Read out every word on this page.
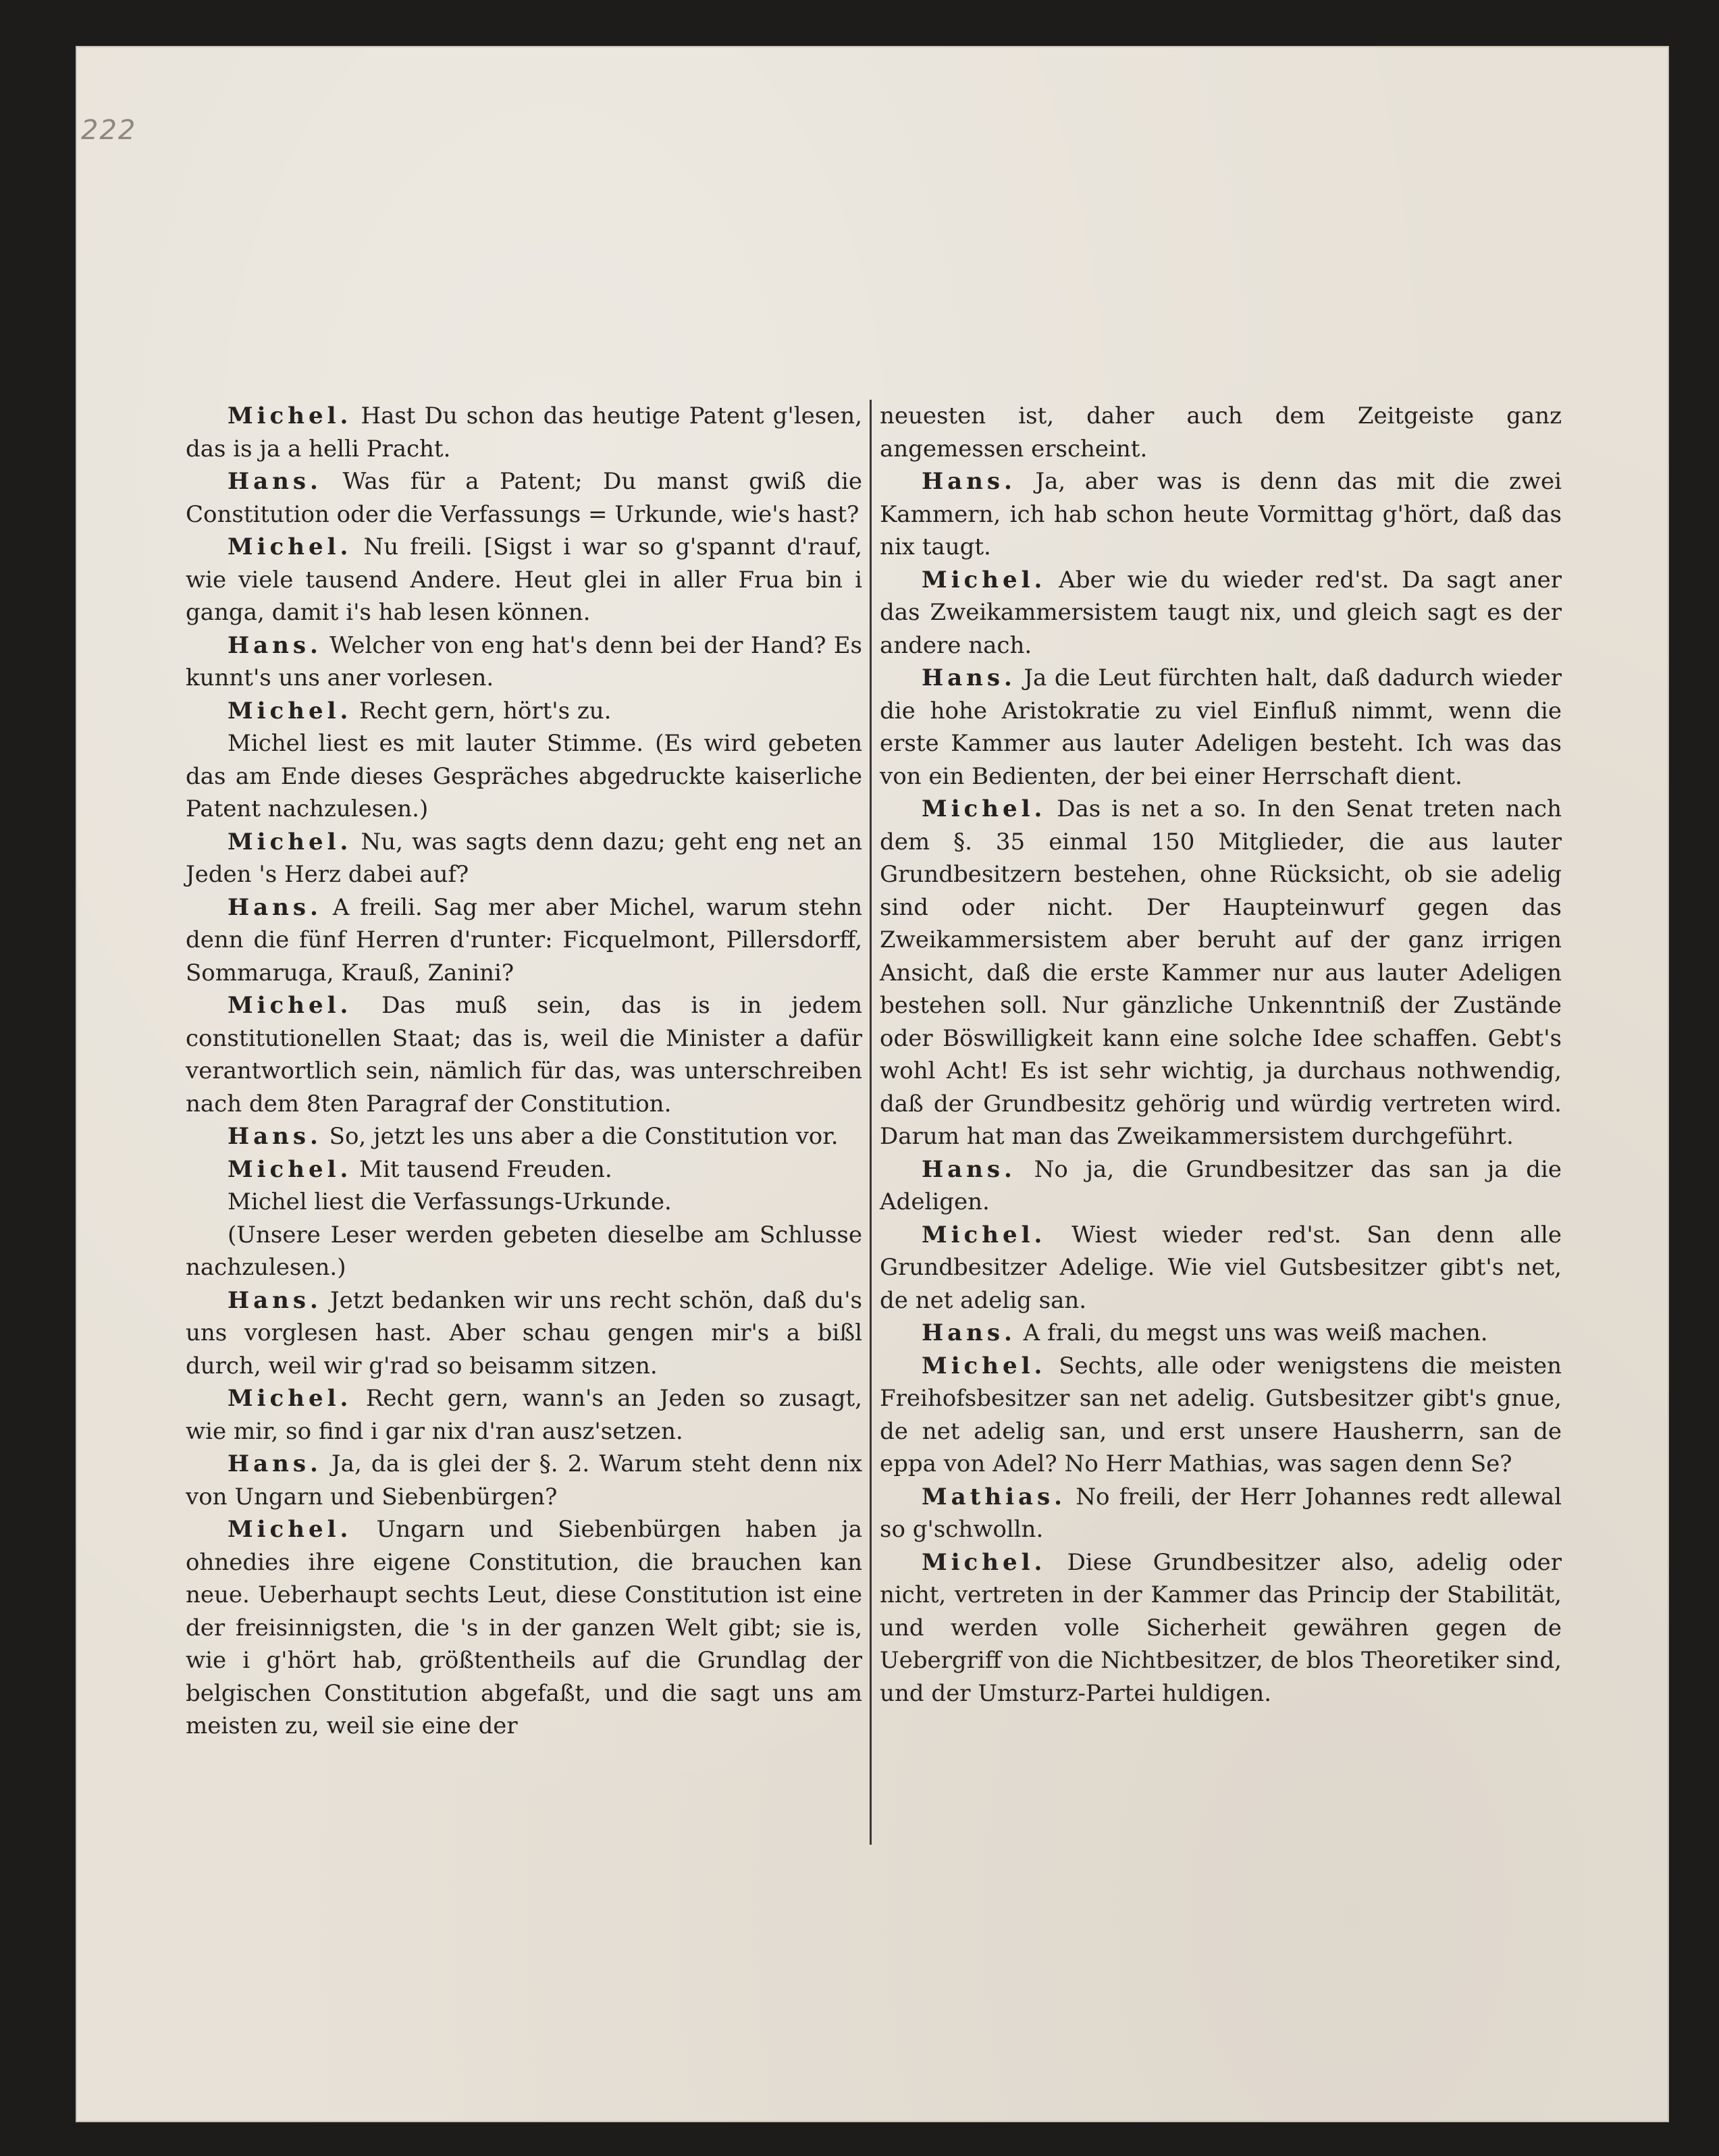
222

Michel. Hast Du schon das heutige Patent g'lesen, das is ja a helli Pracht.

Hans. Was für a Patent; Du manst gwiß die Constitution oder die Verfassungs = Urkunde, wie's hast?

Michel. Nu freili. [Sigst i war so g'spannt d'rauf, wie viele tausend Andere. Heut glei in aller Frua bin i ganga, damit i's hab lesen können.

Hans. Welcher von eng hat's denn bei der Hand? Es kunnt's uns aner vorlesen.

Michel. Recht gern, hört's zu.

Michel liest es mit lauter Stimme. (Es wird gebeten das am Ende dieses Gespräches abgedruckte kaiserliche Patent nachzulesen.)

Michel. Nu, was sagts denn dazu; geht eng net an Jeden 's Herz dabei auf?

Hans. A freili. Sag mer aber Michel, warum stehn denn die fünf Herren d'runter: Ficquelmont, Pillersdorff, Sommaruga, Krauß, Zanini?

Michel. Das muß sein, das is in jedem constitutionellen Staat; das is, weil die Minister a dafür verantwortlich sein, nämlich für das, was unterschreiben nach dem 8ten Paragraf der Constitution.

Hans. So, jetzt les uns aber a die Constitution vor.

Michel. Mit tausend Freuden.

Michel liest die Verfassungs-Urkunde.

(Unsere Leser werden gebeten dieselbe am Schlusse nachzulesen.)

Hans. Jetzt bedanken wir uns recht schön, daß du's uns vorglesen hast. Aber schau gengen mir's a bißl durch, weil wir g'rad so beisamm sitzen.

Michel. Recht gern, wann's an Jeden so zusagt, wie mir, so find i gar nix d'ran ausz'setzen.

Hans. Ja, da is glei der §. 2. Warum steht denn nix von Ungarn und Siebenbürgen?

Michel. Ungarn und Siebenbürgen haben ja ohnedies ihre eigene Constitution, die brauchen kan neue. Ueberhaupt sechts Leut, diese Constitution ist eine der freisinnigsten, die 's in der ganzen Welt gibt; sie is, wie i g'hört hab, größtentheils auf die Grundlag der belgischen Constitution abgefaßt, und die sagt uns am meisten zu, weil sie eine der

neuesten ist, daher auch dem Zeitgeiste ganz angemessen erscheint.

Hans. Ja, aber was is denn das mit die zwei Kammern, ich hab schon heute Vormittag g'hört, daß das nix taugt.

Michel. Aber wie du wieder red'st. Da sagt aner das Zweikammersistem taugt nix, und gleich sagt es der andere nach.

Hans. Ja die Leut fürchten halt, daß dadurch wieder die hohe Aristokratie zu viel Einfluß nimmt, wenn die erste Kammer aus lauter Adeligen besteht. Ich was das von ein Bedienten, der bei einer Herrschaft dient.

Michel. Das is net a so. In den Senat treten nach dem §. 35 einmal 150 Mitglieder, die aus lauter Grundbesitzern bestehen, ohne Rücksicht, ob sie adelig sind oder nicht. Der Haupteinwurf gegen das Zweikammersistem aber beruht auf der ganz irrigen Ansicht, daß die erste Kammer nur aus lauter Adeligen bestehen soll. Nur gänzliche Unkenntniß der Zustände oder Böswilligkeit kann eine solche Idee schaffen. Gebt's wohl Acht! Es ist sehr wichtig, ja durchaus nothwendig, daß der Grundbesitz gehörig und würdig vertreten wird. Darum hat man das Zweikammersistem durchgeführt.

Hans. No ja, die Grundbesitzer das san ja die Adeligen.

Michel. Wiest wieder red'st. San denn alle Grundbesitzer Adelige. Wie viel Gutsbesitzer gibt's net, de net adelig san.

Hans. A frali, du megst uns was weiß machen.

Michel. Sechts, alle oder wenigstens die meisten Freihofsbesitzer san net adelig. Gutsbesitzer gibt's gnue, de net adelig san, und erst unsere Hausherrn, san de eppa von Adel? No Herr Mathias, was sagen denn Se?

Mathias. No freili, der Herr Johannes redt allewal so g'schwolln.

Michel. Diese Grundbesitzer also, adelig oder nicht, vertreten in der Kammer das Princip der Stabilität, und werden volle Sicherheit gewähren gegen de Uebergriff von die Nichtbesitzer, de blos Theoretiker sind, und der Umsturz-Partei huldigen.
